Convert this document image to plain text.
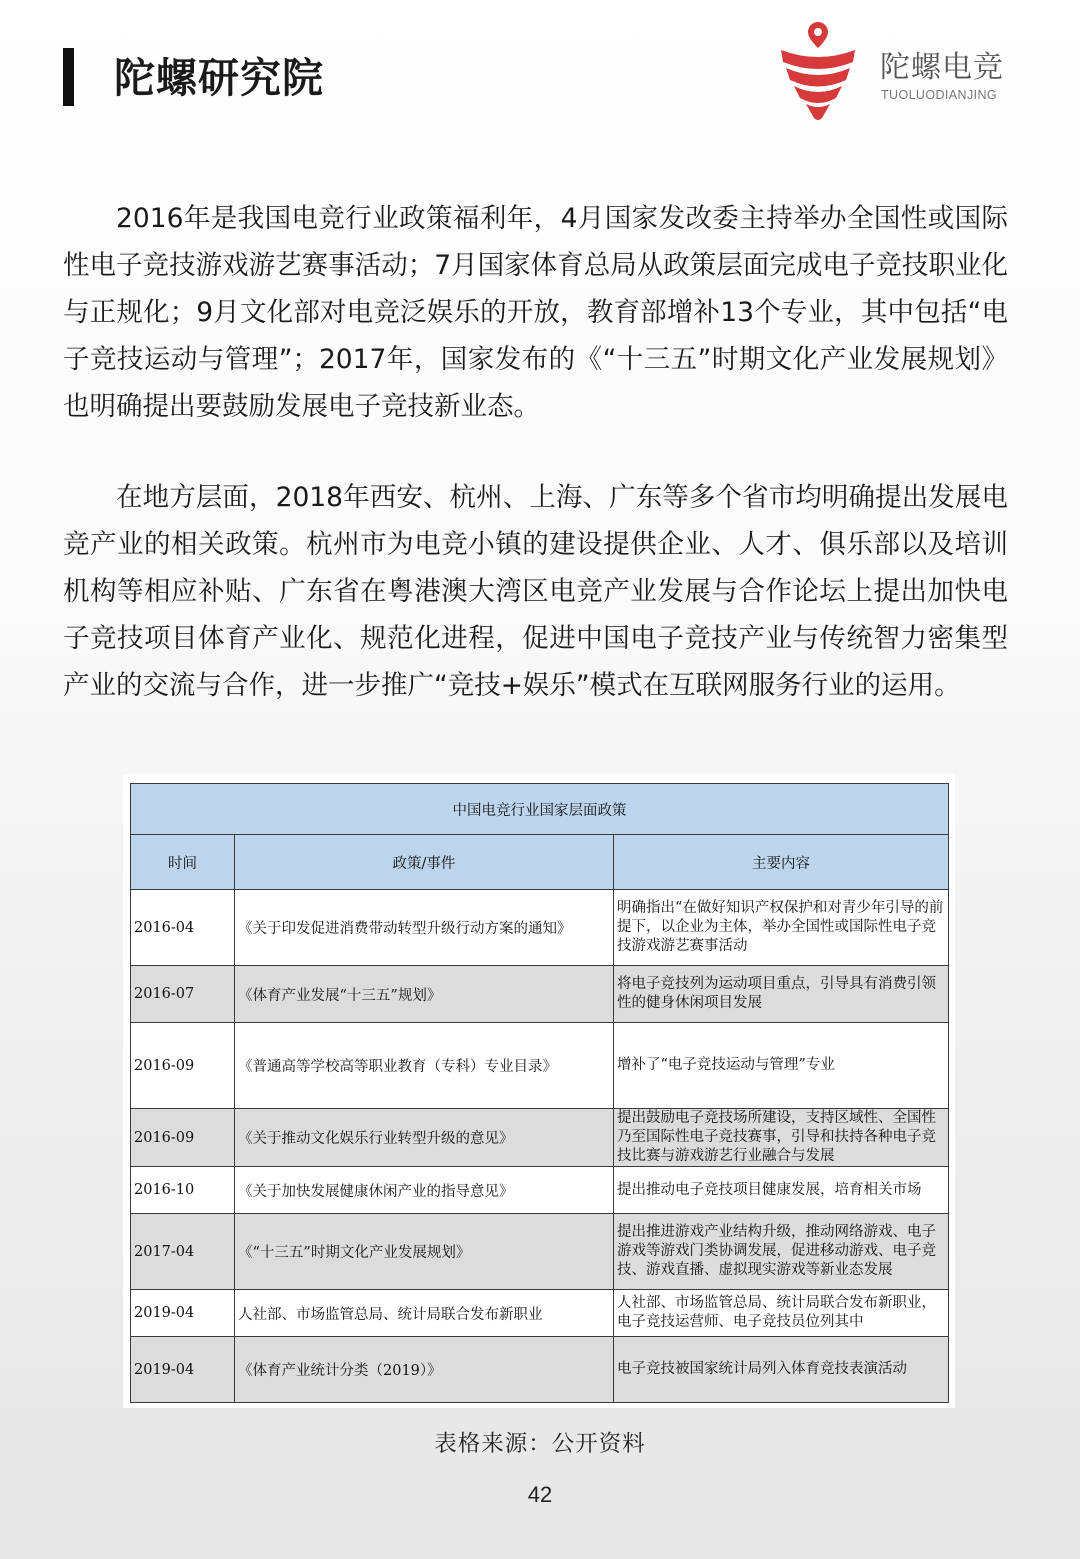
陀螺研究院	陀螺电竞
TUOLUODIANJING

2016年是我国电竞行业政策福利年，4月国家发改委主持举办全国性或国际性电子竞技游戏游艺赛事活动；7月国家体育总局从政策层面完成电子竞技职业化与正规化；9月文化部对电竞泛娱乐的开放，教育部增补13个专业，其中包括“电子竞技运动与管理”；2017年，国家发布的《“十三五”时期文化产业发展规划》也明确提出要鼓励发展电子竞技新业态。

在地方层面，2018年西安、杭州、上海、广东等多个省市均明确提出发展电竞产业的相关政策。杭州市为电竞小镇的建设提供企业、人才、俱乐部以及培训机构等相应补贴、广东省在粤港澳大湾区电竞产业发展与合作论坛上提出加快电子竞技项目体育产业化、规范化进程，促进中国电子竞技产业与传统智力密集型产业的交流与合作，进一步推广“竞技+娱乐”模式在互联网服务行业的运用。

中国电竞行业国家层面政策		
时间	政策/事件	主要内容
2016-04	《关于印发促进消费带动转型升级行动方案的通知》	明确指出“在做好知识产权保护和对青少年引导的前提下，以企业为主体，举办全国性或国际性电子竞技游戏游艺赛事活动
2016-07	《体育产业发展“十三五”规划》	将电子竞技列为运动项目重点，引导具有消费引领性的健身休闲项目发展
2016-09	《普通高等学校高等职业教育（专科）专业目录》	增补了“电子竞技运动与管理”专业
2016-09	《关于推动文化娱乐行业转型升级的意见》	提出鼓励电子竞技场所建设，支持区域性、全国性乃至国际性电子竞技赛事，引导和扶持各种电子竞技比赛与游戏游艺行业融合与发展
2016-10	《关于加快发展健康休闲产业的指导意见》	提出推动电子竞技项目健康发展，培育相关市场
2017-04	《“十三五”时期文化产业发展规划》	提出推进游戏产业结构升级，推动网络游戏、电子游戏等游戏门类协调发展，促进移动游戏、电子竞技、游戏直播、虚拟现实游戏等新业态发展
2019-04	人社部、市场监管总局、统计局联合发布新职业	人社部、市场监管总局、统计局联合发布新职业，电子竞技运营师、电子竞技员位列其中
2019-04	《体育产业统计分类（2019）》	电子竞技被国家统计局列入体育竞技表演活动
表格来源：公开资料
42
